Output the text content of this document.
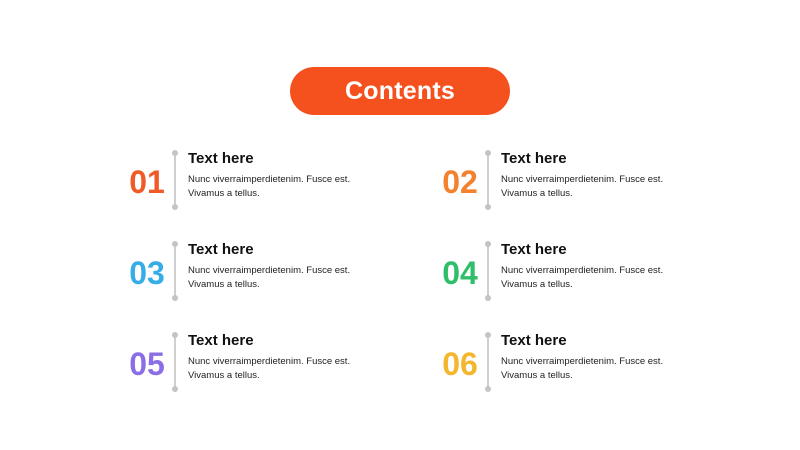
Contents
01
Text here
Nunc viverraimperdietenim. Fusce est. Vivamus a tellus.	02
Text here
Nunc viverraimperdietenim. Fusce est. Vivamus a tellus.
03
Text here
Nunc viverraimperdietenim. Fusce est. Vivamus a tellus.	04
Text here
Nunc viverraimperdietenim. Fusce est. Vivamus a tellus.
05
Text here
Nunc viverraimperdietenim. Fusce est. Vivamus a tellus.	06
Text here
Nunc viverraimperdietenim. Fusce est. Vivamus a tellus.
